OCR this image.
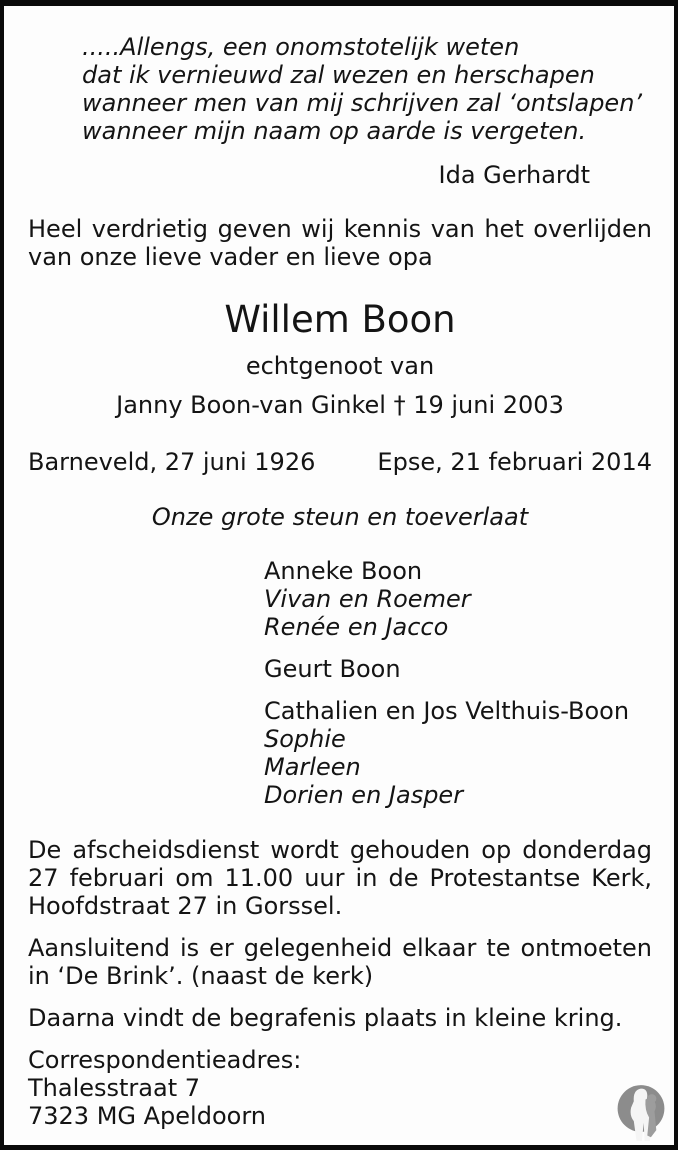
.....Allengs, een onomstotelijk weten
dat ik vernieuwd zal wezen en herschapen
wanneer men van mij schrijven zal ‘ontslapen’
wanneer mijn naam op aarde is vergeten.
Ida Gerhardt
Heel verdrietig geven wij kennis van het overlijden van onze lieve vader en lieve opa
Willem Boon
echtgenoot van
Janny Boon-van Ginkel † 19 juni 2003
Barneveld, 27 juni 1926	Epse, 21 februari 2014
Onze grote steun en toeverlaat
Anneke Boon
Vivan en Roemer
Renée en Jacco
Geurt Boon
Cathalien en Jos Velthuis-Boon
Sophie
Marleen
Dorien en Jasper
De afscheidsdienst wordt gehouden op donderdag 27 februari om 11.00 uur in de Protestantse Kerk, Hoofdstraat 27 in Gorssel.
Aansluitend is er gelegenheid elkaar te ontmoeten in ‘De Brink’. (naast de kerk)
Daarna vindt de begrafenis plaats in kleine kring.
Correspondentieadres:
Thalesstraat 7
7323 MG Apeldoorn
